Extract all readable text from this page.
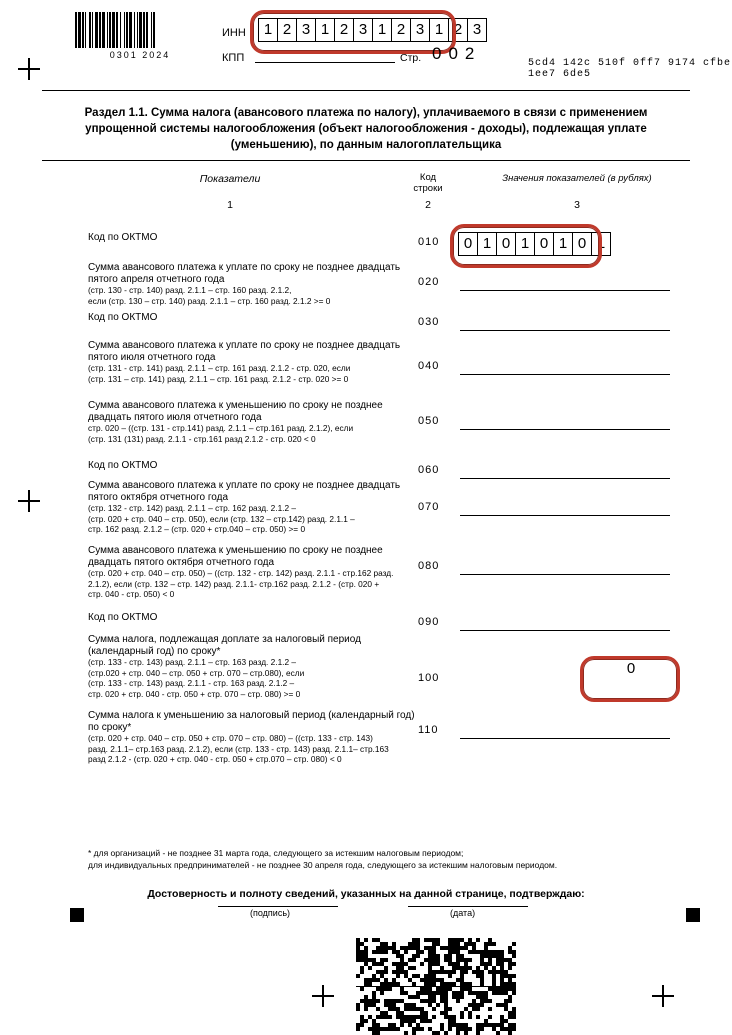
0301 2024
ИНН	1 2 3 1 2 3 1 2 3 1 2 3
КПП	Стр. 002
5cd4 142c 510f 0ff7 9174 cfbe 1ee7 6de5
Раздел 1.1. Сумма налога (авансового платежа по налогу), уплачиваемого в связи с применением упрощенной системы налогообложения (объект налогообложения - доходы), подлежащая уплате (уменьшению), по данным налогоплательщика
Показатели
1
Код
строки
2
Значения показателей (в рублях)
3
Код по ОКТМО	010	0 1 0 1 0 1 0 1
Сумма авансового платежа к уплате по сроку не позднее двадцать пятого апреля отчетного года
(стр. 130 - стр. 140) разд. 2.1.1 – стр. 160 разд. 2.1.2,
если (стр. 130 – стр. 140) разд. 2.1.1 – стр. 160 разд. 2.1.2 >= 0
020
Код по ОКТМО	030
Сумма авансового платежа к уплате по сроку не позднее двадцать пятого июля отчетного года
(стр. 131 - стр. 141) разд. 2.1.1 – стр. 161 разд. 2.1.2 - стр. 020, если
(стр. 131 – стр. 141) разд. 2.1.1 – стр. 161 разд. 2.1.2 - стр. 020 >= 0
040
Сумма авансового платежа к уменьшению по сроку не позднее двадцать пятого июля отчетного года
стр. 020 – ((стр. 131 - стр.141) разд. 2.1.1 – стр.161 разд. 2.1.2), если
(стр. 131 (131) разд. 2.1.1 - стр.161 разд 2.1.2 - стр. 020 < 0
050
Код по ОКТМО	060
Сумма авансового платежа к уплате по сроку не позднее двадцать пятого октября отчетного года
(стр. 132 - стр. 142) разд. 2.1.1 – стр. 162 разд. 2.1.2 –
(стр. 020 + стр. 040 – стр. 050), если (стр. 132 – стр.142) разд. 2.1.1 –
стр. 162 разд. 2.1.2 – (стр. 020 + стр.040 – стр. 050) >= 0
070
Сумма авансового платежа к уменьшению по сроку не позднее двадцать пятого октября отчетного года
(стр. 020 + стр. 040 – стр. 050) – ((стр. 132 - стр. 142) разд. 2.1.1 - стр.162 разд.
2.1.2), если (стр. 132 – стр. 142) разд. 2.1.1- стр.162 разд. 2.1.2 - (стр. 020 +
стр. 040 - стр. 050) < 0
080
Код по ОКТМО	090
Сумма налога, подлежащая доплате за налоговый период (календарный год) по сроку*
(стр. 133 - стр. 143) разд. 2.1.1 – стр. 163 разд. 2.1.2 –
(стр.020 + стр. 040 – стр. 050 + стр. 070 – стр.080), если
(стр. 133 - стр. 143) разд. 2.1.1 - стр. 163 разд. 2.1.2 –
стр. 020 + стр. 040 - стр. 050 + стр. 070 – стр. 080) >= 0
100
0
Сумма налога к уменьшению за налоговый период (календарный год) по сроку*
(стр. 020 + стр. 040 – стр. 050 + стр. 070 – стр. 080) – ((стр. 133 - стр. 143)
разд. 2.1.1– стр.163 разд. 2.1.2), если (стр. 133 - стр. 143) разд. 2.1.1– стр.163
разд 2.1.2 - (стр. 020 + стр. 040 - стр. 050 + стр.070 – стр. 080) < 0
110
* для организаций - не позднее 31 марта года, следующего за истекшим налоговым периодом;
для индивидуальных предпринимателей - не позднее 30 апреля года, следующего за истекшим налоговым периодом.
Достоверность и полноту сведений, указанных на данной странице, подтверждаю:
(подпись)	(дата)
